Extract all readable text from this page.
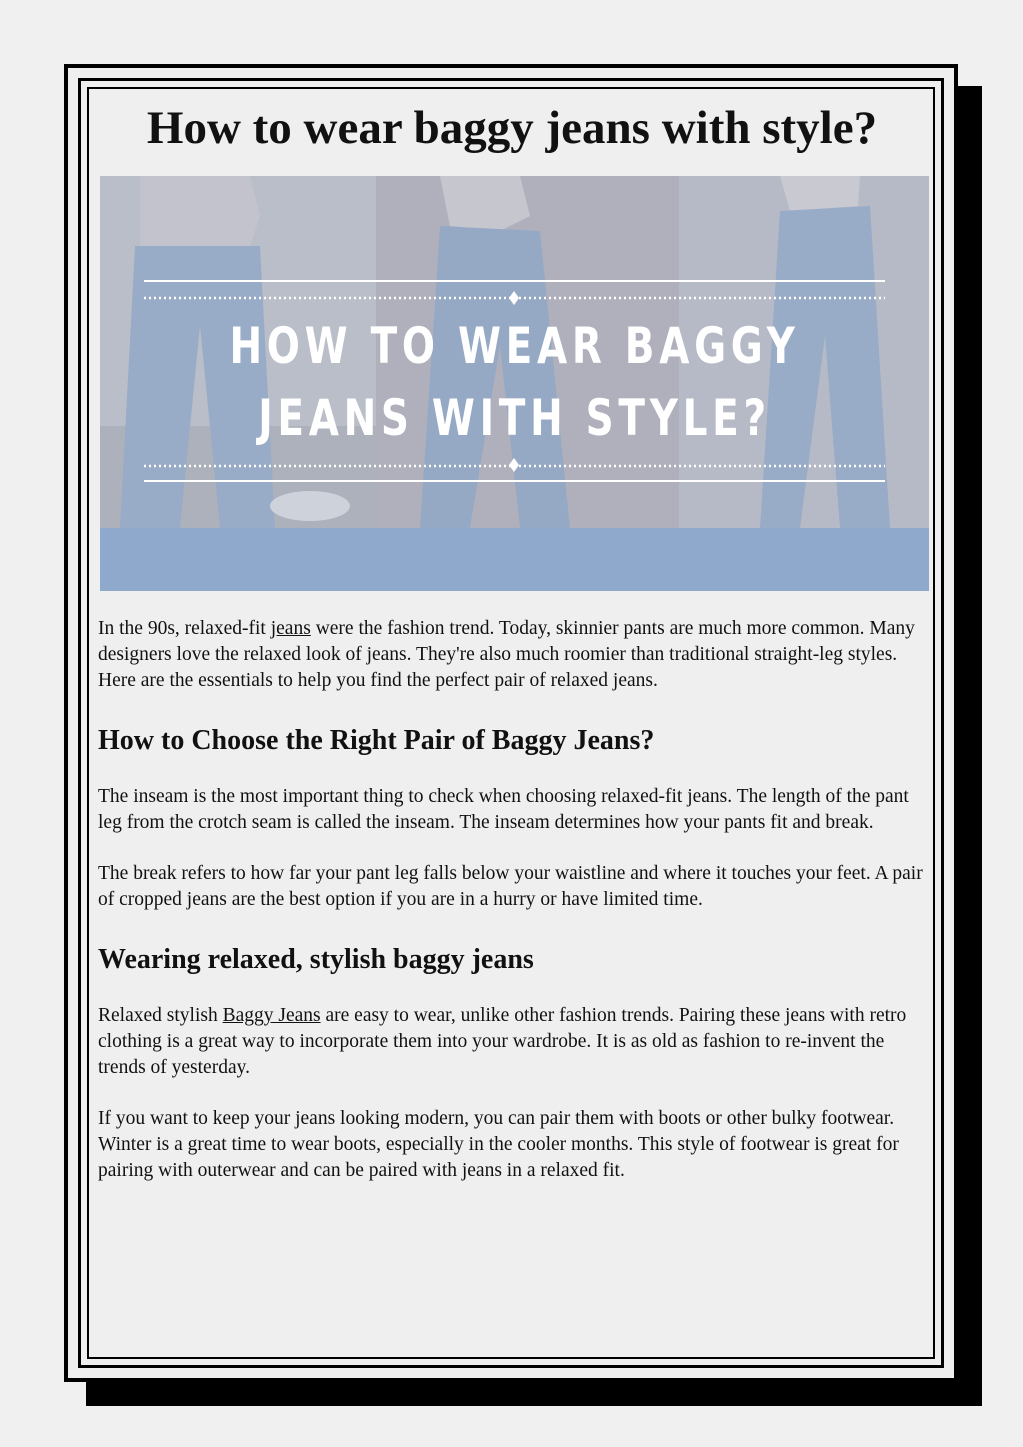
How to wear baggy jeans with style?
HOW TO WEAR BAGGY
JEANS WITH STYLE?

In the 90s, relaxed-fit jeans were the fashion trend. Today, skinnier pants are much more common. Many designers love the relaxed look of jeans. They're also much roomier than traditional straight-leg styles. Here are the essentials to help you find the perfect pair of relaxed jeans.

How to Choose the Right Pair of Baggy Jeans?

The inseam is the most important thing to check when choosing relaxed-fit jeans. The length of the pant leg from the crotch seam is called the inseam. The inseam determines how your pants fit and break.

The break refers to how far your pant leg falls below your waistline and where it touches your feet. A pair of cropped jeans are the best option if you are in a hurry or have limited time.

Wearing relaxed, stylish baggy jeans

Relaxed stylish Baggy Jeans are easy to wear, unlike other fashion trends. Pairing these jeans with retro clothing is a great way to incorporate them into your wardrobe. It is as old as fashion to re-invent the trends of yesterday.

If you want to keep your jeans looking modern, you can pair them with boots or other bulky footwear. Winter is a great time to wear boots, especially in the cooler months. This style of footwear is great for pairing with outerwear and can be paired with jeans in a relaxed fit.
